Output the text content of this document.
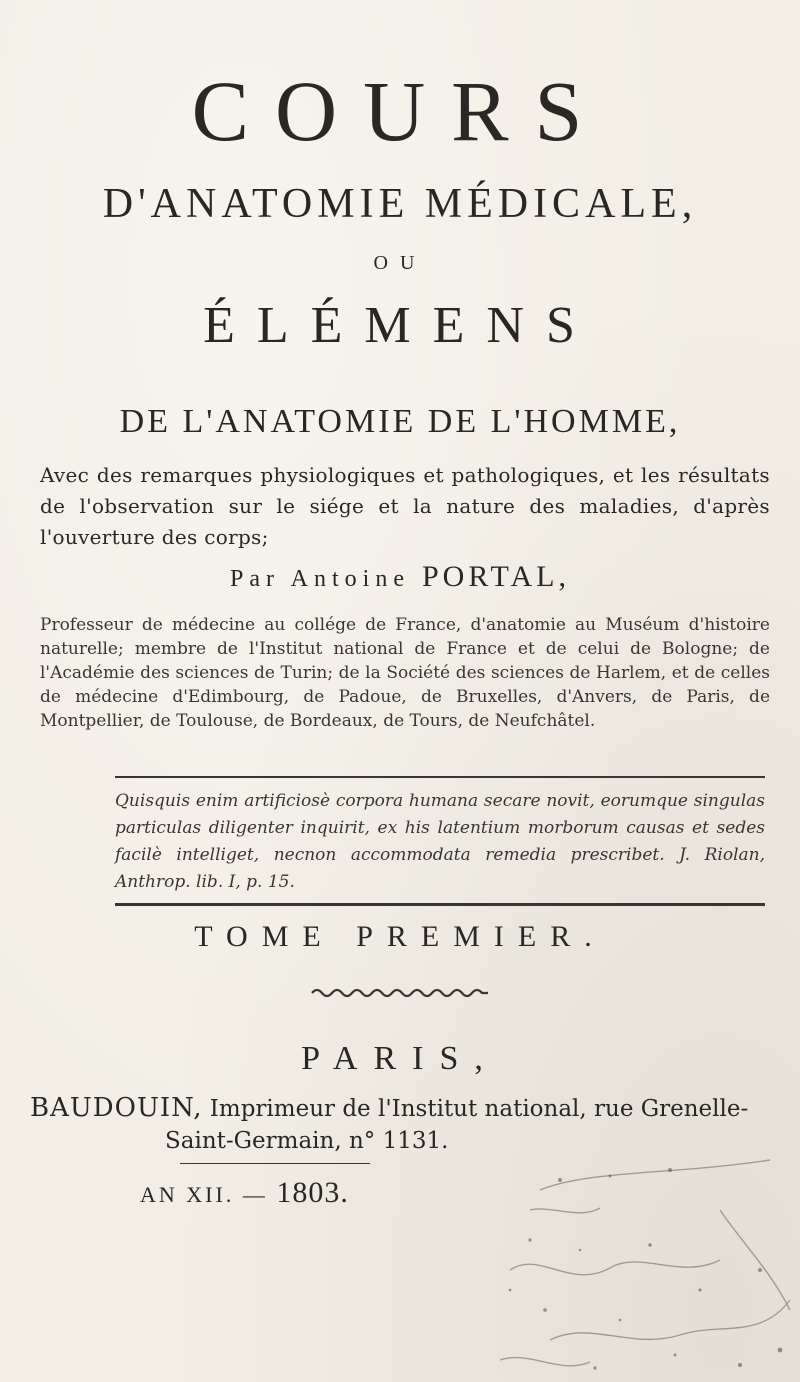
COURS
D'ANATOMIE MÉDICALE,
OU
ÉLÉMENS
DE L'ANATOMIE DE L'HOMME,
Avec des remarques physiologiques et pathologiques, et les résultats de l'observation sur le siége et la nature des maladies, d'après l'ouverture des corps;
Par Antoine PORTAL,
Professeur de médecine au collége de France, d'anatomie au Muséum d'histoire naturelle; membre de l'Institut national de France et de celui de Bologne; de l'Académie des sciences de Turin; de la Société des sciences de Harlem, et de celles de médecine d'Edimbourg, de Padoue, de Bruxelles, d'Anvers, de Paris, de Montpellier, de Toulouse, de Bordeaux, de Tours, de Neufchâtel.
Quisquis enim artificiosè corpora humana secare novit, eorumque singulas particulas diligenter inquirit, ex his latentium morborum causas et sedes facilè intelliget, necnon accommodata remedia prescribet. J. Riolan, Anthrop. lib. I, p. 15.
TOME PREMIER.
PARIS,
BAUDOUIN, Imprimeur de l'Institut national, rue Grenelle-
Saint-Germain, n° 1131.
AN XII. — 1803.
